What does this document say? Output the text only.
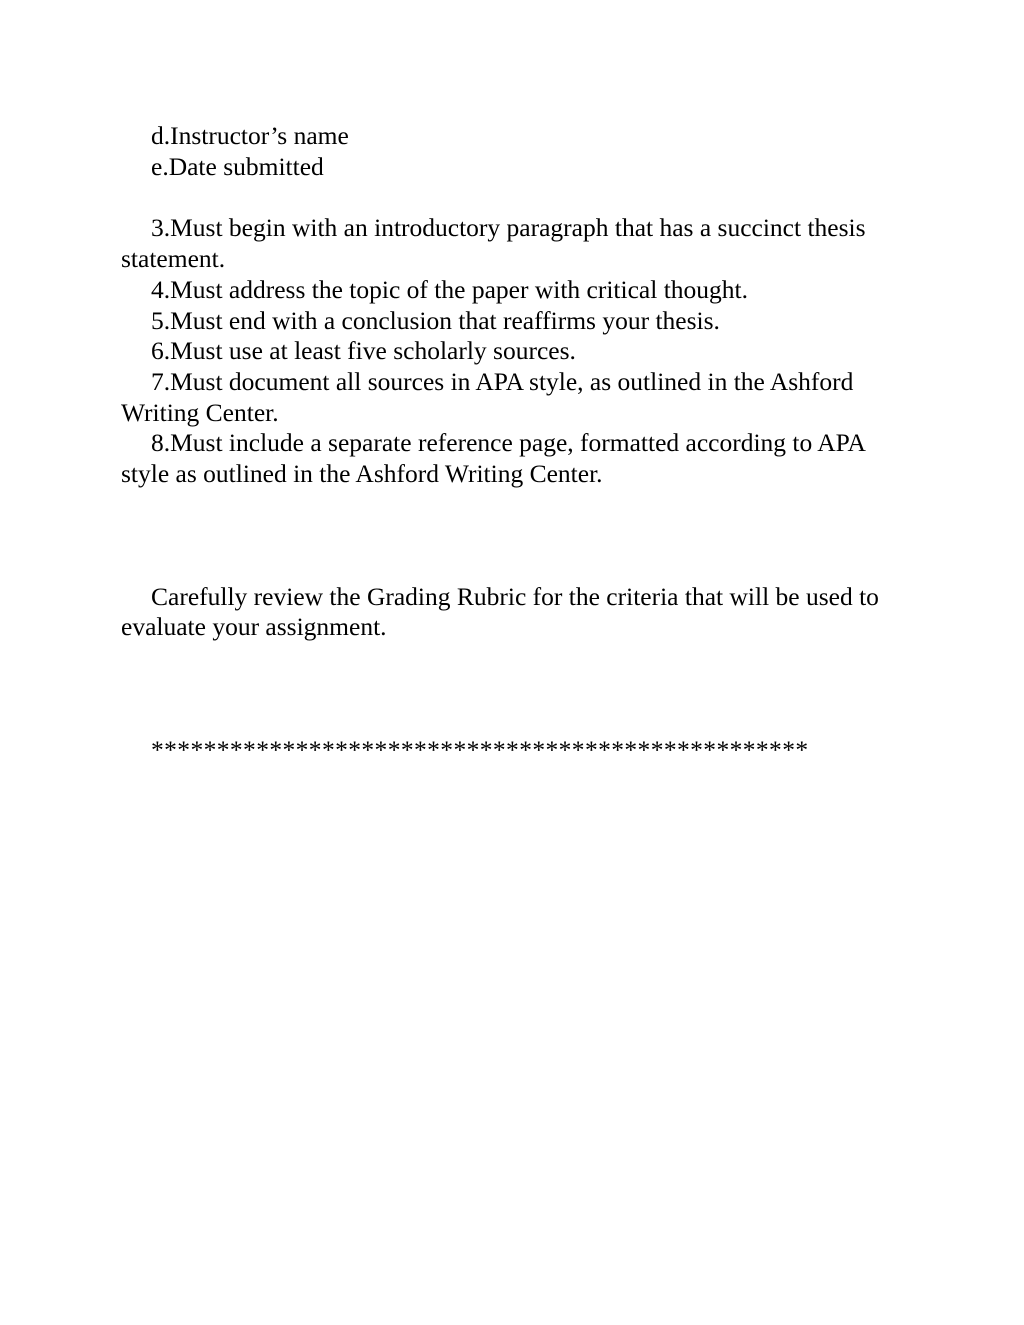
d.Instructor’s name

e.Date submitted

3.Must begin with an introductory paragraph that has a succinct thesis statement.

4.Must address the topic of the paper with critical thought.

5.Must end with a conclusion that reaffirms your thesis.

6.Must use at least five scholarly sources.

7.Must document all sources in APA style, as outlined in the Ashford Writing Center.

8.Must include a separate reference page, formatted according to APA style as outlined in the Ashford Writing Center.

Carefully review the Grading Rubric for the criteria that will be used to evaluate your assignment.

**************************************************
